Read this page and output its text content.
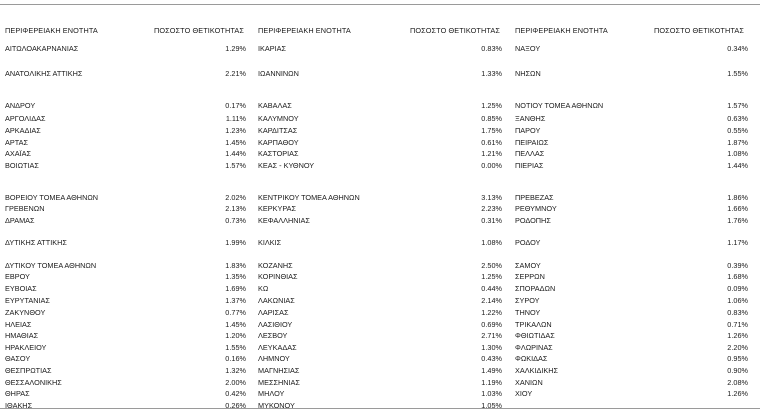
ΠΕΡΙΦΕΡΕΙΑΚΗ ΕΝΟΤΗΤΑ	ΠΟΣΟΣΤΟ ΘΕΤΙΚΟΤΗΤΑΣ ΠΕΡΙΦΕΡΕΙΑΚΗ ΕΝΟΤΗΤΑ	ΠΟΣΟΣΤΟ ΘΕΤΙΚΟΤΗΤΑΣ ΠΕΡΙΦΕΡΕΙΑΚΗ ΕΝΟΤΗΤΑ	ΠΟΣΟΣΤΟ ΘΕΤΙΚΟΤΗΤΑΣ
ΑΙΤΩΛΟΑΚΑΡΝΑΝΙΑΣ	1.29% ΙΚΑΡΙΑΣ	0.83% ΝΑΞΟΥ	0.34%
ΑΝΑΤΟΛΙΚΗΣ ΑΤΤΙΚΗΣ	2.21% ΙΩΑΝΝΙΝΩΝ	1.33% ΝΗΣΩΝ	1.55%
ΑΝΔΡΟΥ	0.17% ΚΑΒΑΛΑΣ	1.25% ΝΟΤΙΟΥ ΤΟΜΕΑ ΑΘΗΝΩΝ	1.57%
ΑΡΓΟΛΙΔΑΣ	1.11% ΚΑΛΥΜΝΟΥ	0.85% ΞΑΝΘΗΣ	0.63%
ΑΡΚΑΔΙΑΣ	1.23% ΚΑΡΔΙΤΣΑΣ	1.75% ΠΑΡΟΥ	0.55%
ΑΡΤΑΣ	1.45% ΚΑΡΠΑΘΟΥ	0.61% ΠΕΙΡΑΙΩΣ	1.87%
ΑΧΑΪΑΣ	1.44% ΚΑΣΤΟΡΙΑΣ	1.21% ΠΕΛΛΑΣ	1.08%
ΒΟΙΩΤΙΑΣ	1.57% ΚΕΑΣ - ΚΥΘΝΟΥ	0.00% ΠΙΕΡΙΑΣ	1.44%
ΒΟΡΕΙΟΥ ΤΟΜΕΑ ΑΘΗΝΩΝ	2.02% ΚΕΝΤΡΙΚΟΥ ΤΟΜΕΑ ΑΘΗΝΩΝ	3.13% ΠΡΕΒΕΖΑΣ	1.86%
ΓΡΕΒΕΝΩΝ	2.13% ΚΕΡΚΥΡΑΣ	2.23% ΡΕΘΥΜΝΟΥ	1.66%
ΔΡΑΜΑΣ	0.73% ΚΕΦΑΛΛΗΝΙΑΣ	0.31% ΡΟΔΟΠΗΣ	1.76%
ΔΥΤΙΚΗΣ ΑΤΤΙΚΗΣ	1.99% ΚΙΛΚΙΣ	1.08% ΡΟΔΟΥ	1.17%
ΔΥΤΙΚΟΥ ΤΟΜΕΑ ΑΘΗΝΩΝ	1.83% ΚΟΖΑΝΗΣ	2.50% ΣΑΜΟΥ	0.39%
ΕΒΡΟΥ	1.35% ΚΟΡΙΝΘΙΑΣ	1.25% ΣΕΡΡΩΝ	1.68%
ΕΥΒΟΙΑΣ	1.69% ΚΩ	0.44% ΣΠΟΡΑΔΩΝ	0.09%
ΕΥΡΥΤΑΝΙΑΣ	1.37% ΛΑΚΩΝΙΑΣ	2.14% ΣΥΡΟΥ	1.06%
ΖΑΚΥΝΘΟΥ	0.77% ΛΑΡΙΣΑΣ	1.22% ΤΗΝΟΥ	0.83%
ΗΛΕΙΑΣ	1.45% ΛΑΣΙΘΙΟΥ	0.69% ΤΡΙΚΑΛΩΝ	0.71%
ΗΜΑΘΙΑΣ	1.20% ΛΕΣΒΟΥ	2.71% ΦΘΙΩΤΙΔΑΣ	1.26%
ΗΡΑΚΛΕΙΟΥ	1.55% ΛΕΥΚΑΔΑΣ	1.30% ΦΛΩΡΙΝΑΣ	2.20%
ΘΑΣΟΥ	0.16% ΛΗΜΝΟΥ	0.43% ΦΩΚΙΔΑΣ	0.95%
ΘΕΣΠΡΩΤΙΑΣ	1.32% ΜΑΓΝΗΣΙΑΣ	1.49% ΧΑΛΚΙΔΙΚΗΣ	0.90%
ΘΕΣΣΑΛΟΝΙΚΗΣ	2.00% ΜΕΣΣΗΝΙΑΣ	1.19% ΧΑΝΙΩΝ	2.08%
ΘΗΡΑΣ	0.42% ΜΗΛΟΥ	1.03% ΧΙΟΥ	1.26%
ΙΘΑΚΗΣ	0.26% ΜΥΚΟΝΟΥ	1.05%
